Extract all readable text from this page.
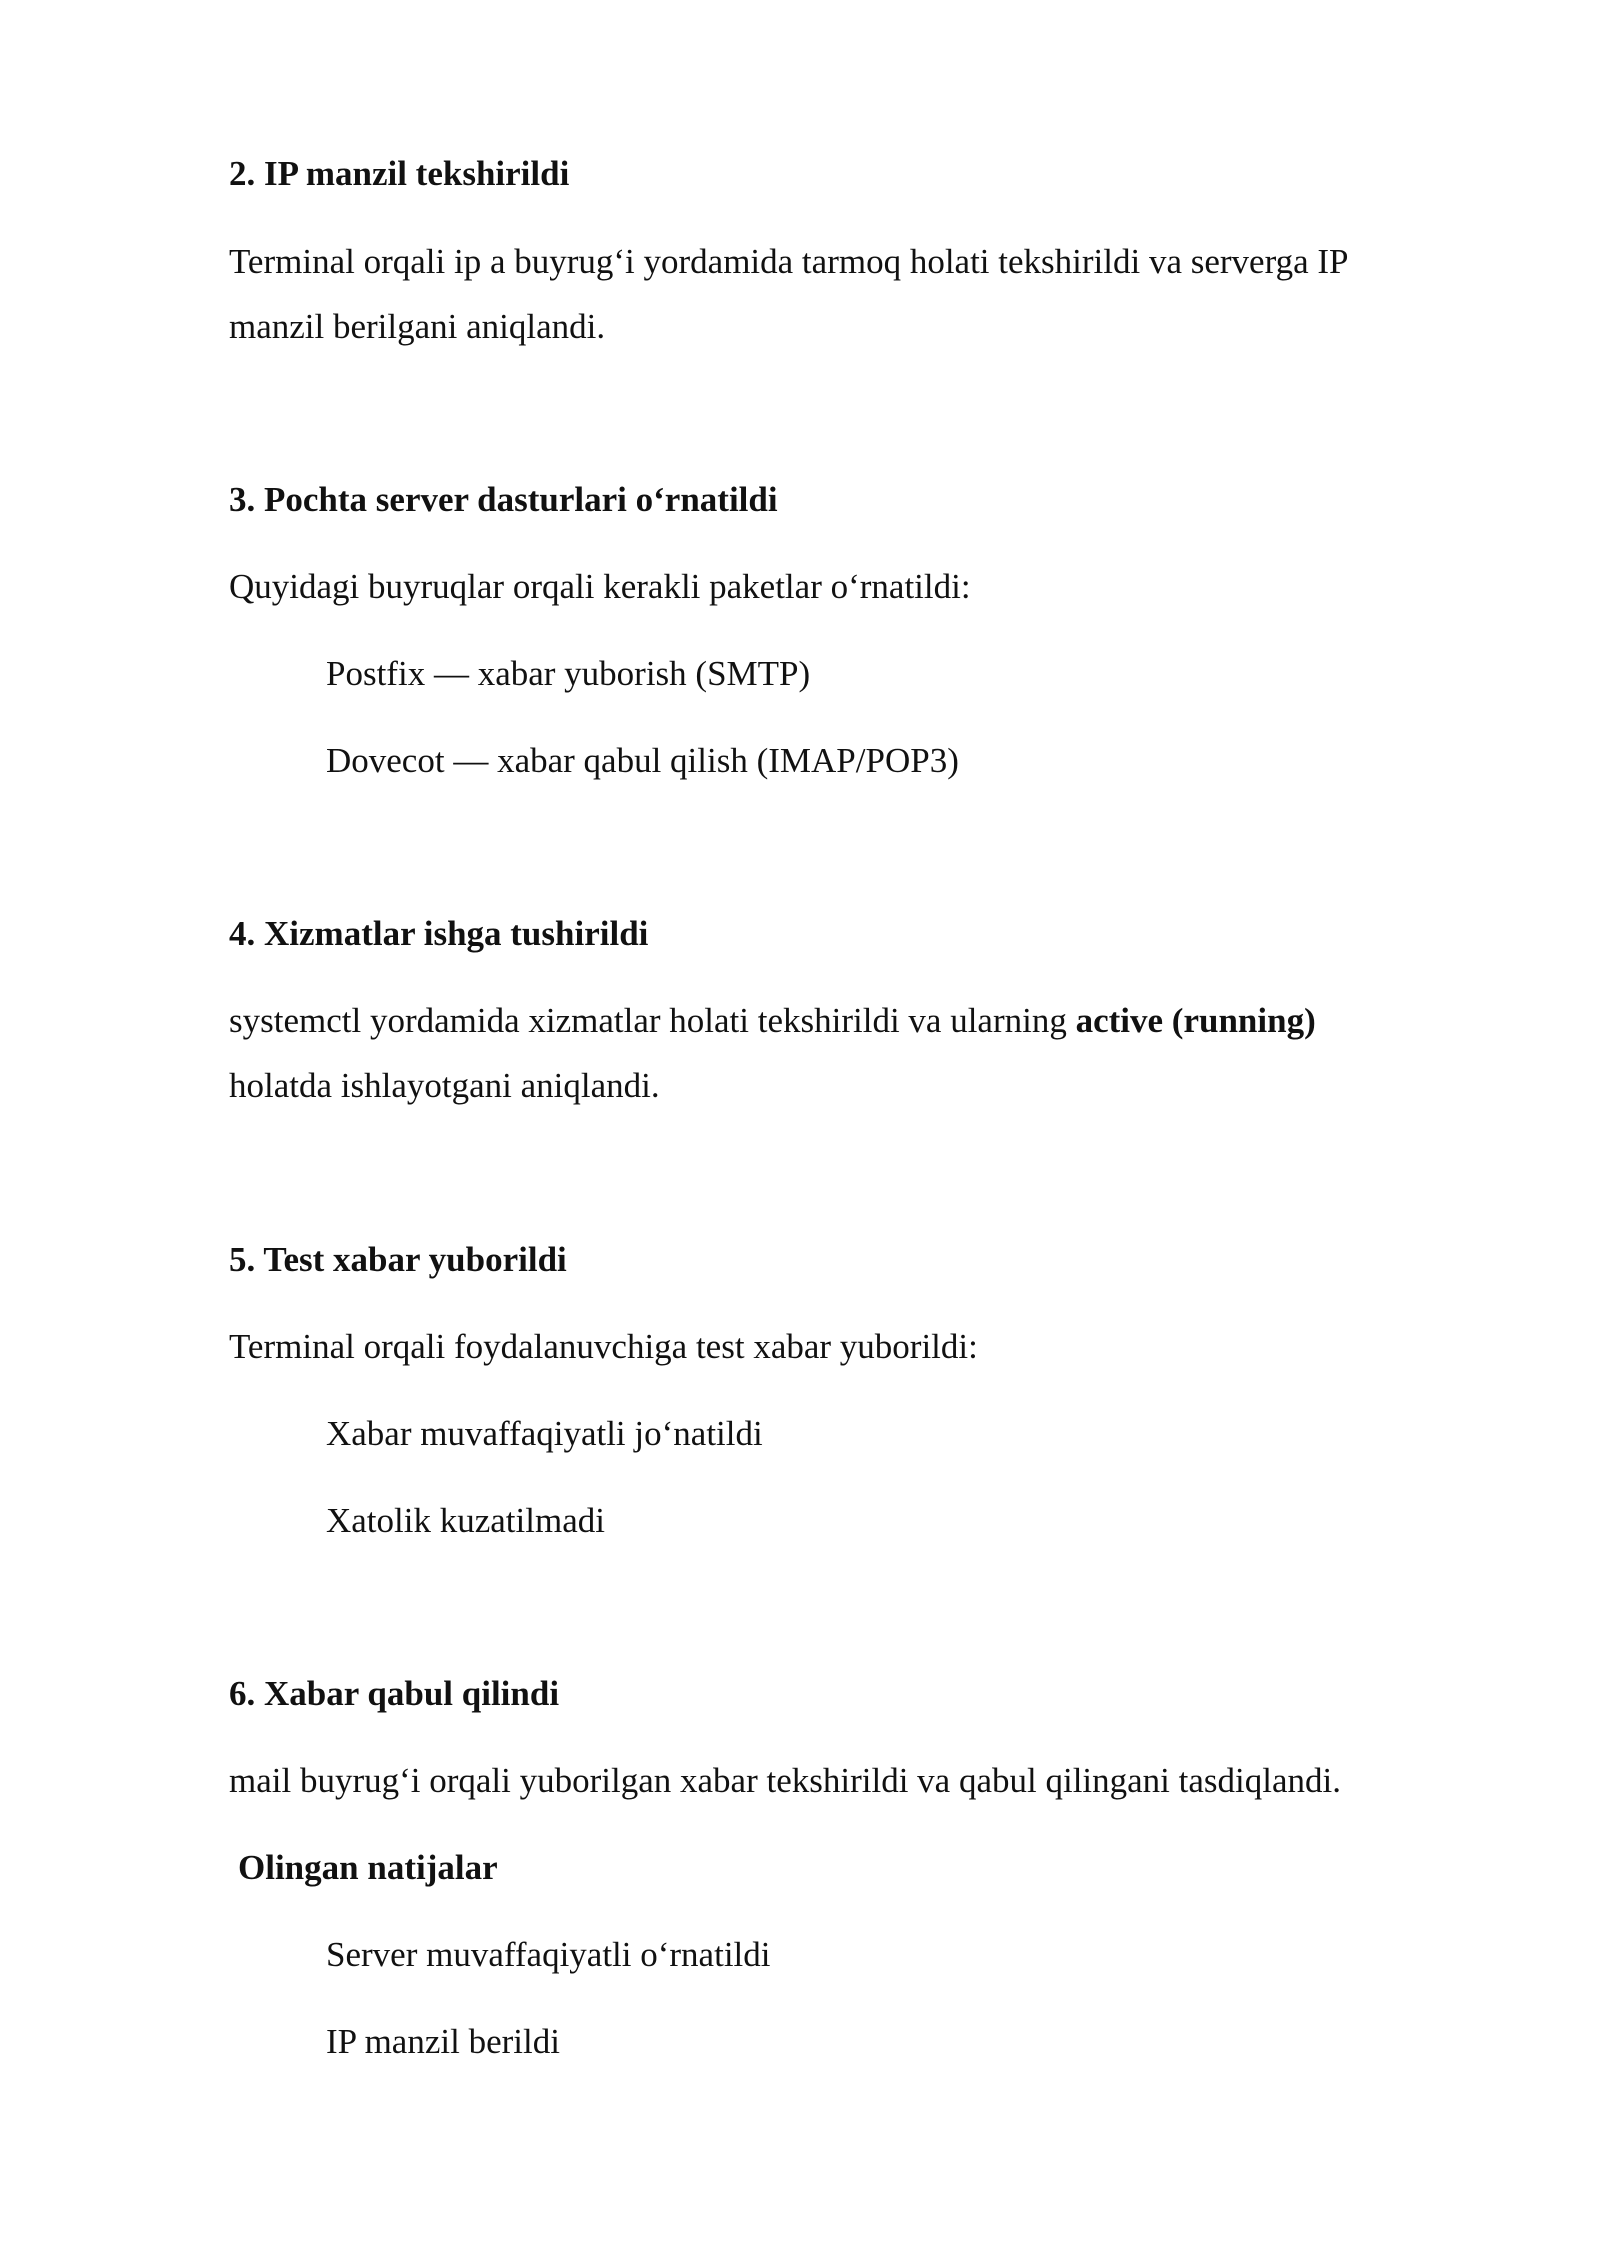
2. IP manzil tekshirildi
Terminal orqali ip a buyrug‘i yordamida tarmoq holati tekshirildi va serverga IP
manzil berilgani aniqlandi.
3. Pochta server dasturlari o‘rnatildi
Quyidagi buyruqlar orqali kerakli paketlar o‘rnatildi:
Postfix — xabar yuborish (SMTP)
Dovecot — xabar qabul qilish (IMAP/POP3)
4. Xizmatlar ishga tushirildi
systemctl yordamida xizmatlar holati tekshirildi va ularning active (running)
holatda ishlayotgani aniqlandi.
5. Test xabar yuborildi
Terminal orqali foydalanuvchiga test xabar yuborildi:
Xabar muvaffaqiyatli jo‘natildi
Xatolik kuzatilmadi
6. Xabar qabul qilindi
mail buyrug‘i orqali yuborilgan xabar tekshirildi va qabul qilingani tasdiqlandi.
Olingan natijalar
Server muvaffaqiyatli o‘rnatildi
IP manzil berildi
